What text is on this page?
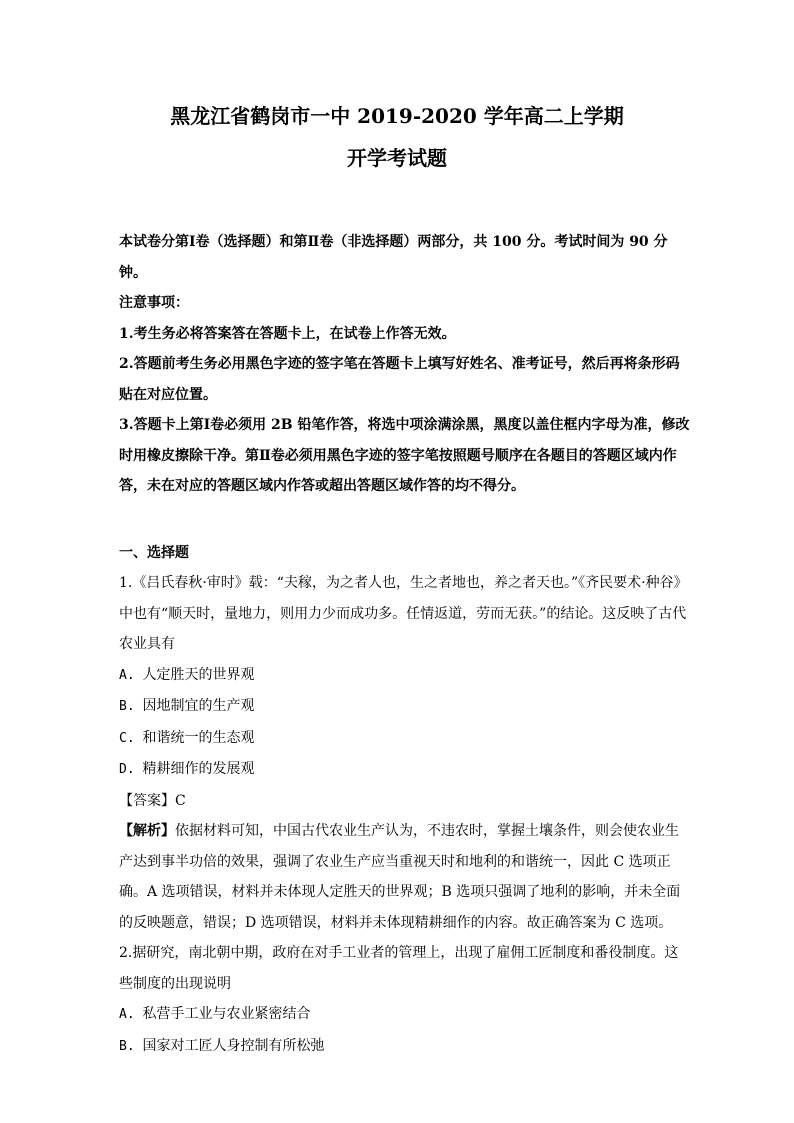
黑龙江省鹤岗市一中 2019-2020 学年高二上学期
开学考试题

本试卷分第Ⅰ卷（选择题）和第Ⅱ卷（非选择题）两部分，共 100 分。考试时间为 90 分钟。

注意事项：

1.考生务必将答案答在答题卡上，在试卷上作答无效。

2.答题前考生务必用黑色字迹的签字笔在答题卡上填写好姓名、准考证号，然后再将条形码贴在对应位置。

3.答题卡上第Ⅰ卷必须用 2B 铅笔作答，将选中项涂满涂黑，黑度以盖住框内字母为准，修改时用橡皮擦除干净。第Ⅱ卷必须用黑色字迹的签字笔按照题号顺序在各题目的答题区域内作答，未在对应的答题区域内作答或超出答题区域作答的均不得分。

一、选择题

1.《吕氏春秋·审时》载：“夫稼，为之者人也，生之者地也，养之者天也。”《齐民要术·种谷》中也有“顺天时，量地力，则用力少而成功多。任情返道，劳而无获。”的结论。这反映了古代农业具有

A. 人定胜天的世界观

B. 因地制宜的生产观

C. 和谐统一的生态观

D. 精耕细作的发展观

【答案】C

【解析】依据材料可知，中国古代农业生产认为，不违农时，掌握土壤条件，则会使农业生产达到事半功倍的效果，强调了农业生产应当重视天时和地利的和谐统一，因此 C 选项正确。A 选项错误，材料并未体现人定胜天的世界观；B 选项只强调了地利的影响，并未全面的反映题意，错误；D 选项错误，材料并未体现精耕细作的内容。故正确答案为 C 选项。

2.据研究，南北朝中期，政府在对手工业者的管理上，出现了雇佣工匠制度和番役制度。这些制度的出现说明

A. 私营手工业与农业紧密结合

B. 国家对工匠人身控制有所松弛
